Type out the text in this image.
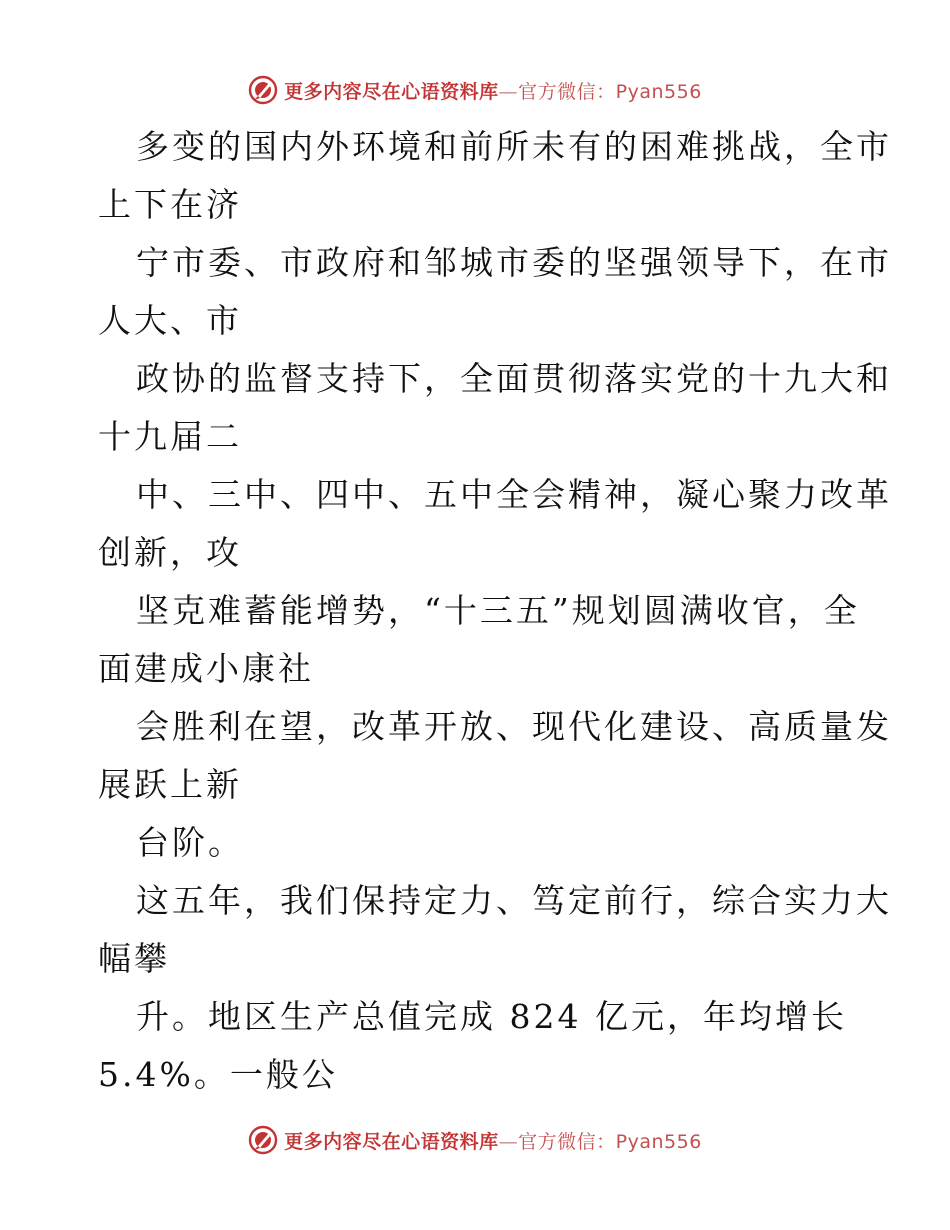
更多内容尽在心语资料库—官方微信：Pyan556
多变的国内外环境和前所未有的困难挑战，全市
上下在济
宁市委、市政府和邹城市委的坚强领导下，在市
人大、市
政协的监督支持下，全面贯彻落实党的十九大和
十九届二
中、三中、四中、五中全会精神，凝心聚力改革
创新，攻
坚克难蓄能增势，“十三五”规划圆满收官，全
面建成小康社
会胜利在望，改革开放、现代化建设、高质量发
展跃上新
台阶。
这五年，我们保持定力、笃定前行，综合实力大
幅攀
升。地区生产总值完成 824 亿元，年均增长
5.4%。一般公
更多内容尽在心语资料库—官方微信：Pyan556
